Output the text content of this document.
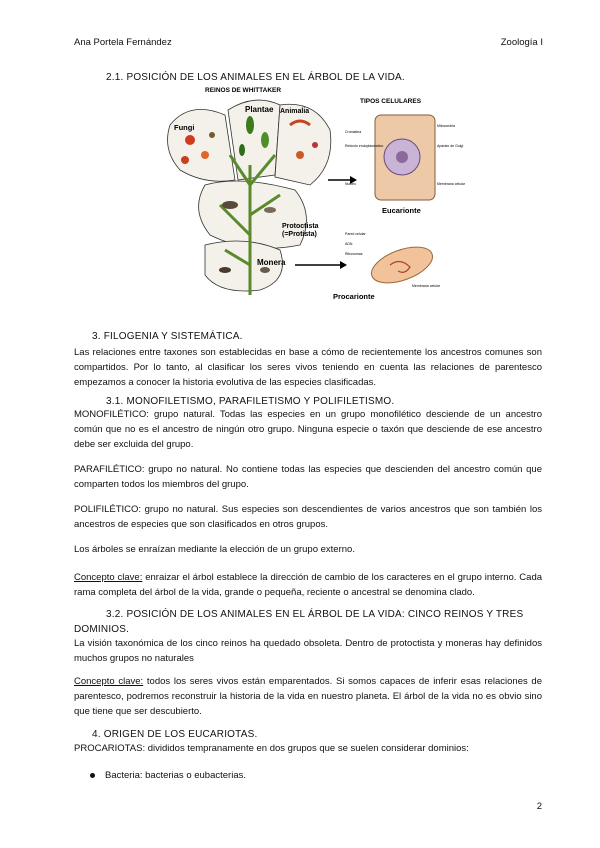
Ana Portela Fernández	Zoología I
2.1. POSICIÓN DE LOS ANIMALES EN EL ÁRBOL DE LA VIDA.
REINOS DE WHITTAKER
Plantae Animalia
Fungi
Protoctista
(=Protista)
Monera
TIPOS CELULARES
Cromatina
Retículo endoplasmático
Mitocondria
Aparato de Golgi
Núcleo	Membrana celular
Eucarionte
Pared celular
ADN
Ribosomas
Membrana celular
Procarionte
3. FILOGENIA Y SISTEMÁTICA.
Las relaciones entre taxones son establecidas en base a cómo de recientemente los ancestros comunes son compartidos. Por lo tanto, al clasificar los seres vivos teniendo en cuenta las relaciones de parentesco empezamos a conocer la historia evolutiva de las especies clasificadas.
3.1. MONOFILETISMO, PARAFILETISMO Y POLIFILETISMO.
MONOFILÉTICO: grupo natural. Todas las especies en un grupo monofilético desciende de un ancestro común que no es el ancestro de ningún otro grupo. Ninguna especie o taxón que desciende de ese ancestro debe ser excluida del grupo.
PARAFILÉTICO: grupo no natural. No contiene todas las especies que descienden del ancestro común que comparten todos los miembros del grupo.
POLIFILÉTICO: grupo no natural. Sus especies son descendientes de varios ancestros que son también los ancestros de especies que son clasificados en otros grupos.
Los árboles se enraízan mediante la elección de un grupo externo.
Concepto clave: enraizar el árbol establece la dirección de cambio de los caracteres en el grupo interno. Cada rama completa del árbol de la vida, grande o pequeña, reciente o ancestral se denomina clado.
3.2. POSICIÓN DE LOS ANIMALES EN EL ÁRBOL DE LA VIDA: CINCO REINOS Y TRES
DOMINIOS.
La visión taxonómica de los cinco reinos ha quedado obsoleta. Dentro de protoctista y moneras hay definidos muchos grupos no naturales
Concepto clave: todos los seres vivos están emparentados. Si somos capaces de inferir esas relaciones de parentesco, podremos reconstruir la historia de la vida en nuestro planeta. El árbol de la vida no es obvio sino que tiene que ser descubierto.
4. ORIGEN DE LOS EUCARIOTAS.
PROCARIOTAS: divididos tempranamente en dos grupos que se suelen considerar dominios:
Bacteria: bacterias o eubacterias.
2
